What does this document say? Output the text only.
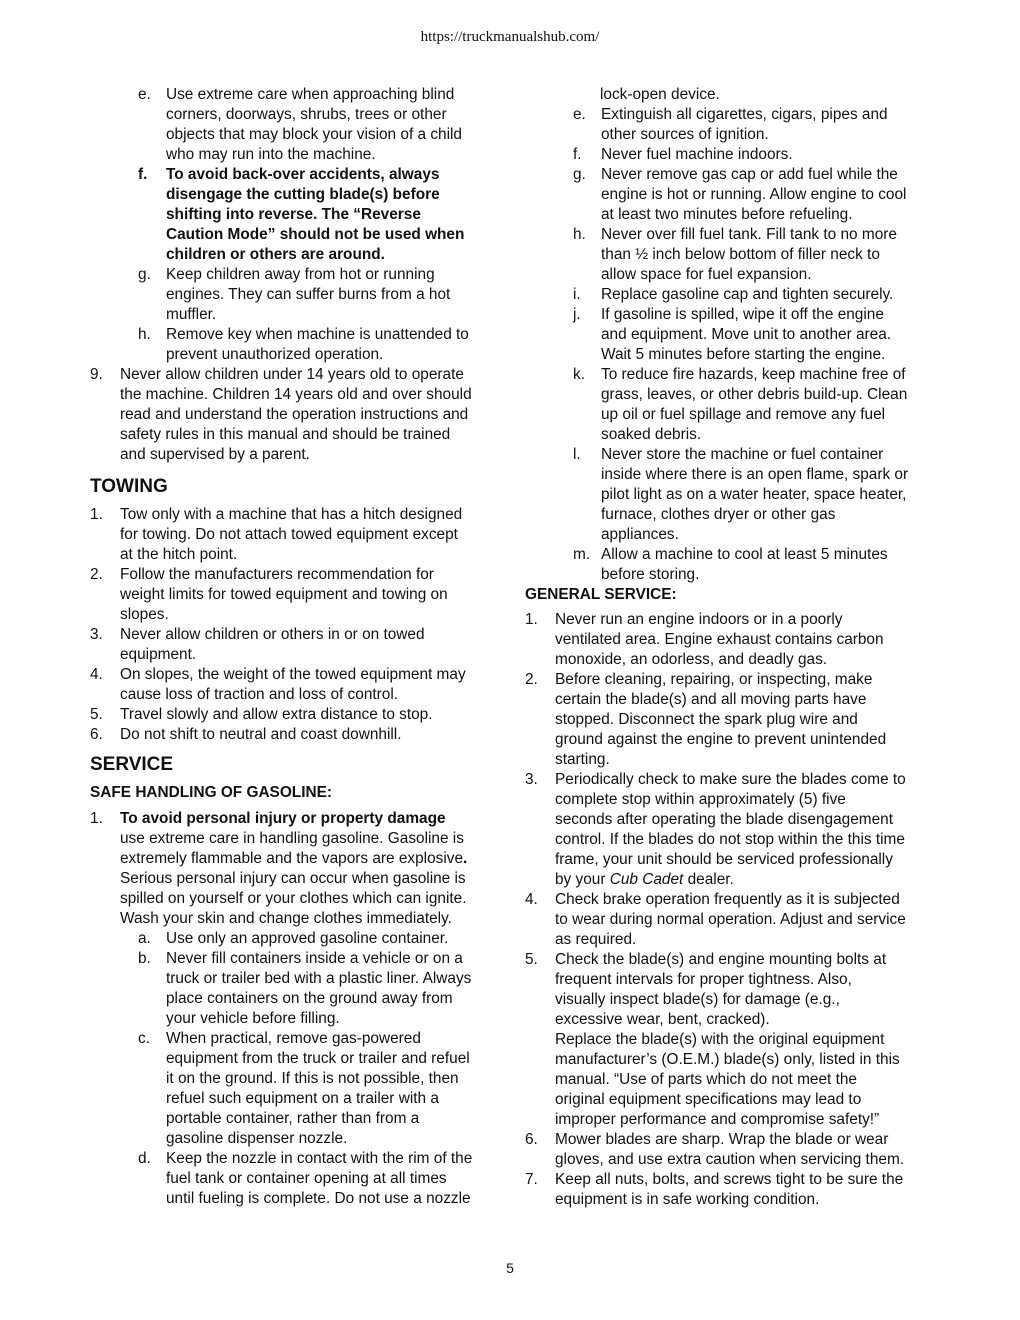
https://truckmanualshub.com/
e. Use extreme care when approaching blind
corners, doorways, shrubs, trees or other
objects that may block your vision of a child
who may run into the machine.
f.	To avoid back-over accidents, always
disengage the cutting blade(s) before
shifting into reverse. The “Reverse
Caution Mode” should not be used when
children or others are around.
g. Keep children away from hot or running
engines. They can suffer burns from a hot
muffler.
h. Remove key when machine is unattended to
prevent unauthorized operation.
9.	Never allow children under 14 years old to operate
the machine. Children 14 years old and over should
read and understand the operation instructions and
safety rules in this manual and should be trained
and supervised by a parent.
TOWING
1.	Tow only with a machine that has a hitch designed
for towing. Do not attach towed equipment except
at the hitch point.
2.	Follow the manufacturers recommendation for
weight limits for towed equipment and towing on
slopes.
3.	Never allow children or others in or on towed
equipment.
4.	On slopes, the weight of the towed equipment may
cause loss of traction and loss of control.
5.	Travel slowly and allow extra distance to stop.
6.	Do not shift to neutral and coast downhill.
SERVICE
SAFE HANDLING OF GASOLINE:
1.	To avoid personal injury or property damage
use extreme care in handling gasoline. Gasoline is
extremely flammable and the vapors are explosive.
Serious personal injury can occur when gasoline is
spilled on yourself or your clothes which can ignite.
Wash your skin and change clothes immediately.
a. Use only an approved gasoline container.
b. Never fill containers inside a vehicle or on a
truck or trailer bed with a plastic liner. Always
place containers on the ground away from
your vehicle before filling.
c.	When practical, remove gas-powered
equipment from the truck or trailer and refuel
it on the ground. If this is not possible, then
refuel such equipment on a trailer with a
portable container, rather than from a
gasoline dispenser nozzle.
d. Keep the nozzle in contact with the rim of the
fuel tank or container opening at all times
until fueling is complete. Do not use a nozzle
lock-open device.
e. Extinguish all cigarettes, cigars, pipes and
other sources of ignition.
f.	Never fuel machine indoors.
g. Never remove gas cap or add fuel while the
engine is hot or running. Allow engine to cool
at least two minutes before refueling.
h. Never over fill fuel tank. Fill tank to no more
than ½ inch below bottom of filler neck to
allow space for fuel expansion.
i.	Replace gasoline cap and tighten securely.
j.	If gasoline is spilled, wipe it off the engine
and equipment. Move unit to another area.
Wait 5 minutes before starting the engine.
k.	To reduce fire hazards, keep machine free of
grass, leaves, or other debris build-up. Clean
up oil or fuel spillage and remove any fuel
soaked debris.
l.	Never store the machine or fuel container
inside where there is an open flame, spark or
pilot light as on a water heater, space heater,
furnace, clothes dryer or other gas
appliances.
m. Allow a machine to cool at least 5 minutes
before storing.
GENERAL SERVICE:
1.	Never run an engine indoors or in a poorly
ventilated area. Engine exhaust contains carbon
monoxide, an odorless, and deadly gas.
2.	Before cleaning, repairing, or inspecting, make
certain the blade(s) and all moving parts have
stopped. Disconnect the spark plug wire and
ground against the engine to prevent unintended
starting.
3.	Periodically check to make sure the blades come to
complete stop within approximately (5) five
seconds after operating the blade disengagement
control. If the blades do not stop within the this time
frame, your unit should be serviced professionally
by your Cub Cadet dealer.
4.	Check brake operation frequently as it is subjected
to wear during normal operation. Adjust and service
as required.
5.	Check the blade(s) and engine mounting bolts at
frequent intervals for proper tightness. Also,
visually inspect blade(s) for damage (e.g.,
excessive wear, bent, cracked).
Replace the blade(s) with the original equipment
manufacturer’s (O.E.M.) blade(s) only, listed in this
manual. “Use of parts which do not meet the
original equipment specifications may lead to
improper performance and compromise safety!”
6.	Mower blades are sharp. Wrap the blade or wear
gloves, and use extra caution when servicing them.
7.	Keep all nuts, bolts, and screws tight to be sure the
equipment is in safe working condition.
5
